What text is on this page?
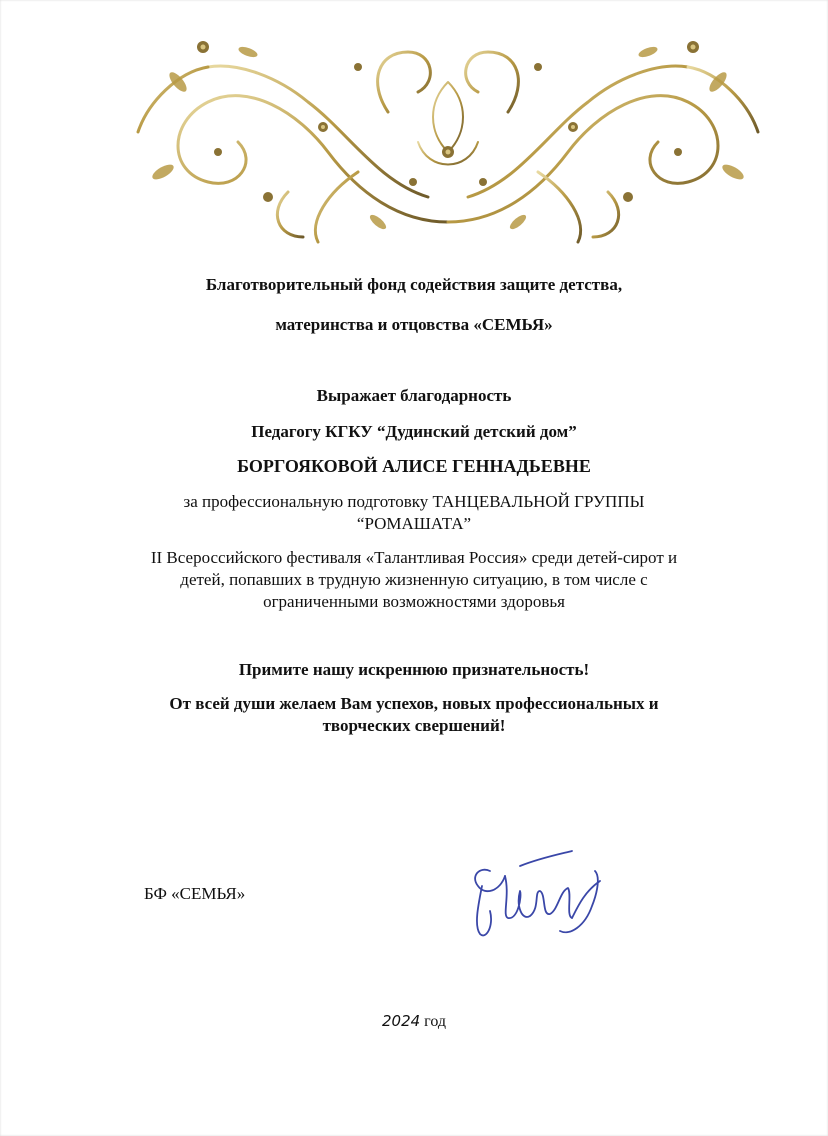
Благотворительный фонд содействия защите детства,
материнства и отцовства «СЕМЬЯ»
Выражает благодарность
Педагогу КГКУ “Дудинский детский дом”
БОРГОЯКОВОЙ АЛИСЕ ГЕННАДЬЕВНЕ
за профессиональную подготовку ТАНЦЕВАЛЬНОЙ ГРУППЫ
“РОМАШАТА”
II Всероссийского фестиваля «Талантливая Россия» среди детей-сирот и
детей, попавших в трудную жизненную ситуацию, в том числе с
ограниченными возможностями здоровья
Примите нашу искреннюю признательность!
От всей души желаем Вам успехов, новых профессиональных и
творческих свершений!
БФ «СЕМЬЯ»
2024 год
